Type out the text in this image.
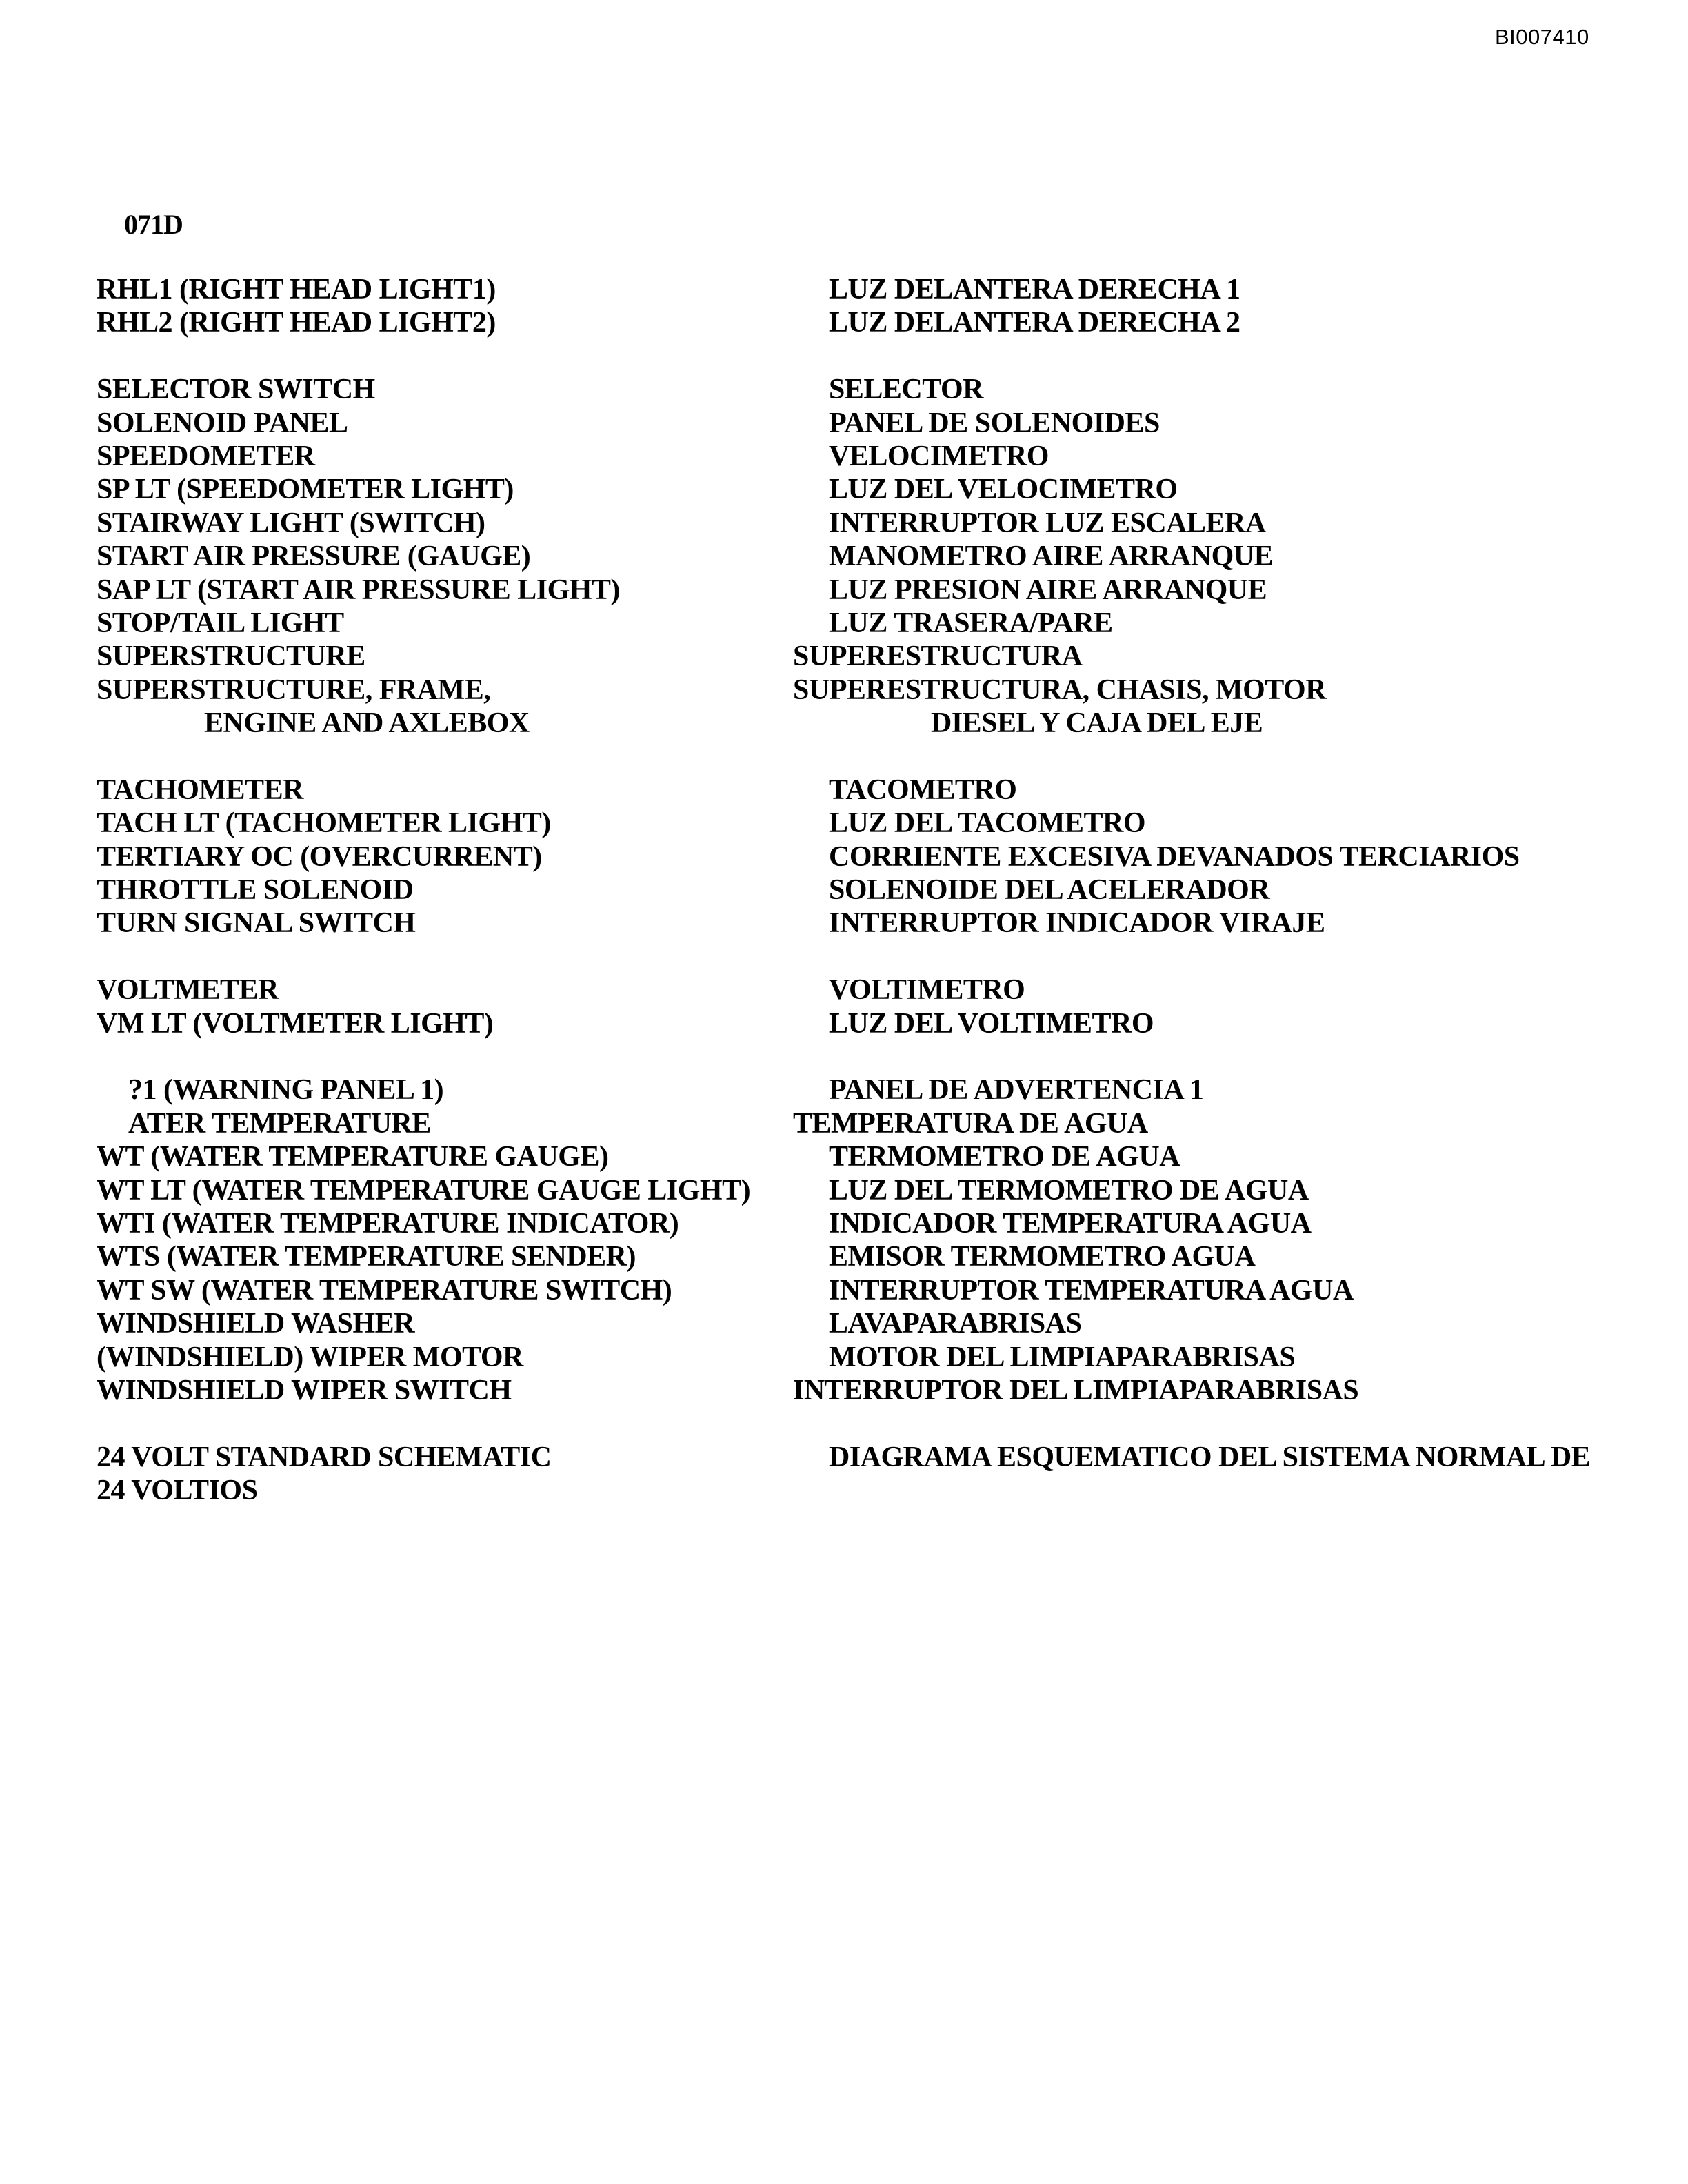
BI007410
071D
RHL1 (RIGHT HEAD LIGHT1)	LUZ DELANTERA DERECHA 1
RHL2 (RIGHT HEAD LIGHT2)	LUZ DELANTERA DERECHA 2
SELECTOR SWITCH	SELECTOR
SOLENOID PANEL	PANEL DE SOLENOIDES
SPEEDOMETER	VELOCIMETRO
SP LT (SPEEDOMETER LIGHT)	LUZ DEL VELOCIMETRO
STAIRWAY LIGHT (SWITCH)	INTERRUPTOR LUZ ESCALERA
START AIR PRESSURE (GAUGE)	MANOMETRO AIRE ARRANQUE
SAP LT (START AIR PRESSURE LIGHT)	LUZ PRESION AIRE ARRANQUE
STOP/TAIL LIGHT	LUZ TRASERA/PARE
SUPERSTRUCTURE	SUPERESTRUCTURA
SUPERSTRUCTURE, FRAME,	SUPERESTRUCTURA, CHASIS, MOTOR
ENGINE AND AXLEBOX	DIESEL Y CAJA DEL EJE
TACHOMETER	TACOMETRO
TACH LT (TACHOMETER LIGHT)	LUZ DEL TACOMETRO
TERTIARY OC (OVERCURRENT)	CORRIENTE EXCESIVA DEVANADOS TERCIARIOS
THROTTLE SOLENOID	SOLENOIDE DEL ACELERADOR
TURN SIGNAL SWITCH	INTERRUPTOR INDICADOR VIRAJE
VOLTMETER	VOLTIMETRO
VM LT (VOLTMETER LIGHT)	LUZ DEL VOLTIMETRO
?1 (WARNING PANEL 1)	PANEL DE ADVERTENCIA 1
ATER TEMPERATURE	TEMPERATURA DE AGUA
WT (WATER TEMPERATURE GAUGE)	TERMOMETRO DE AGUA
WT LT (WATER TEMPERATURE GAUGE LIGHT)	LUZ DEL TERMOMETRO DE AGUA
WTI (WATER TEMPERATURE INDICATOR)	INDICADOR TEMPERATURA AGUA
WTS (WATER TEMPERATURE SENDER)	EMISOR TERMOMETRO AGUA
WT SW (WATER TEMPERATURE SWITCH)	INTERRUPTOR TEMPERATURA AGUA
WINDSHIELD WASHER	LAVAPARABRISAS
(WINDSHIELD) WIPER MOTOR	MOTOR DEL LIMPIAPARABRISAS
WINDSHIELD WIPER SWITCH	INTERRUPTOR DEL LIMPIAPARABRISAS
24 VOLT STANDARD SCHEMATIC	DIAGRAMA ESQUEMATICO DEL SISTEMA NORMAL DE
24 VOLTIOS
